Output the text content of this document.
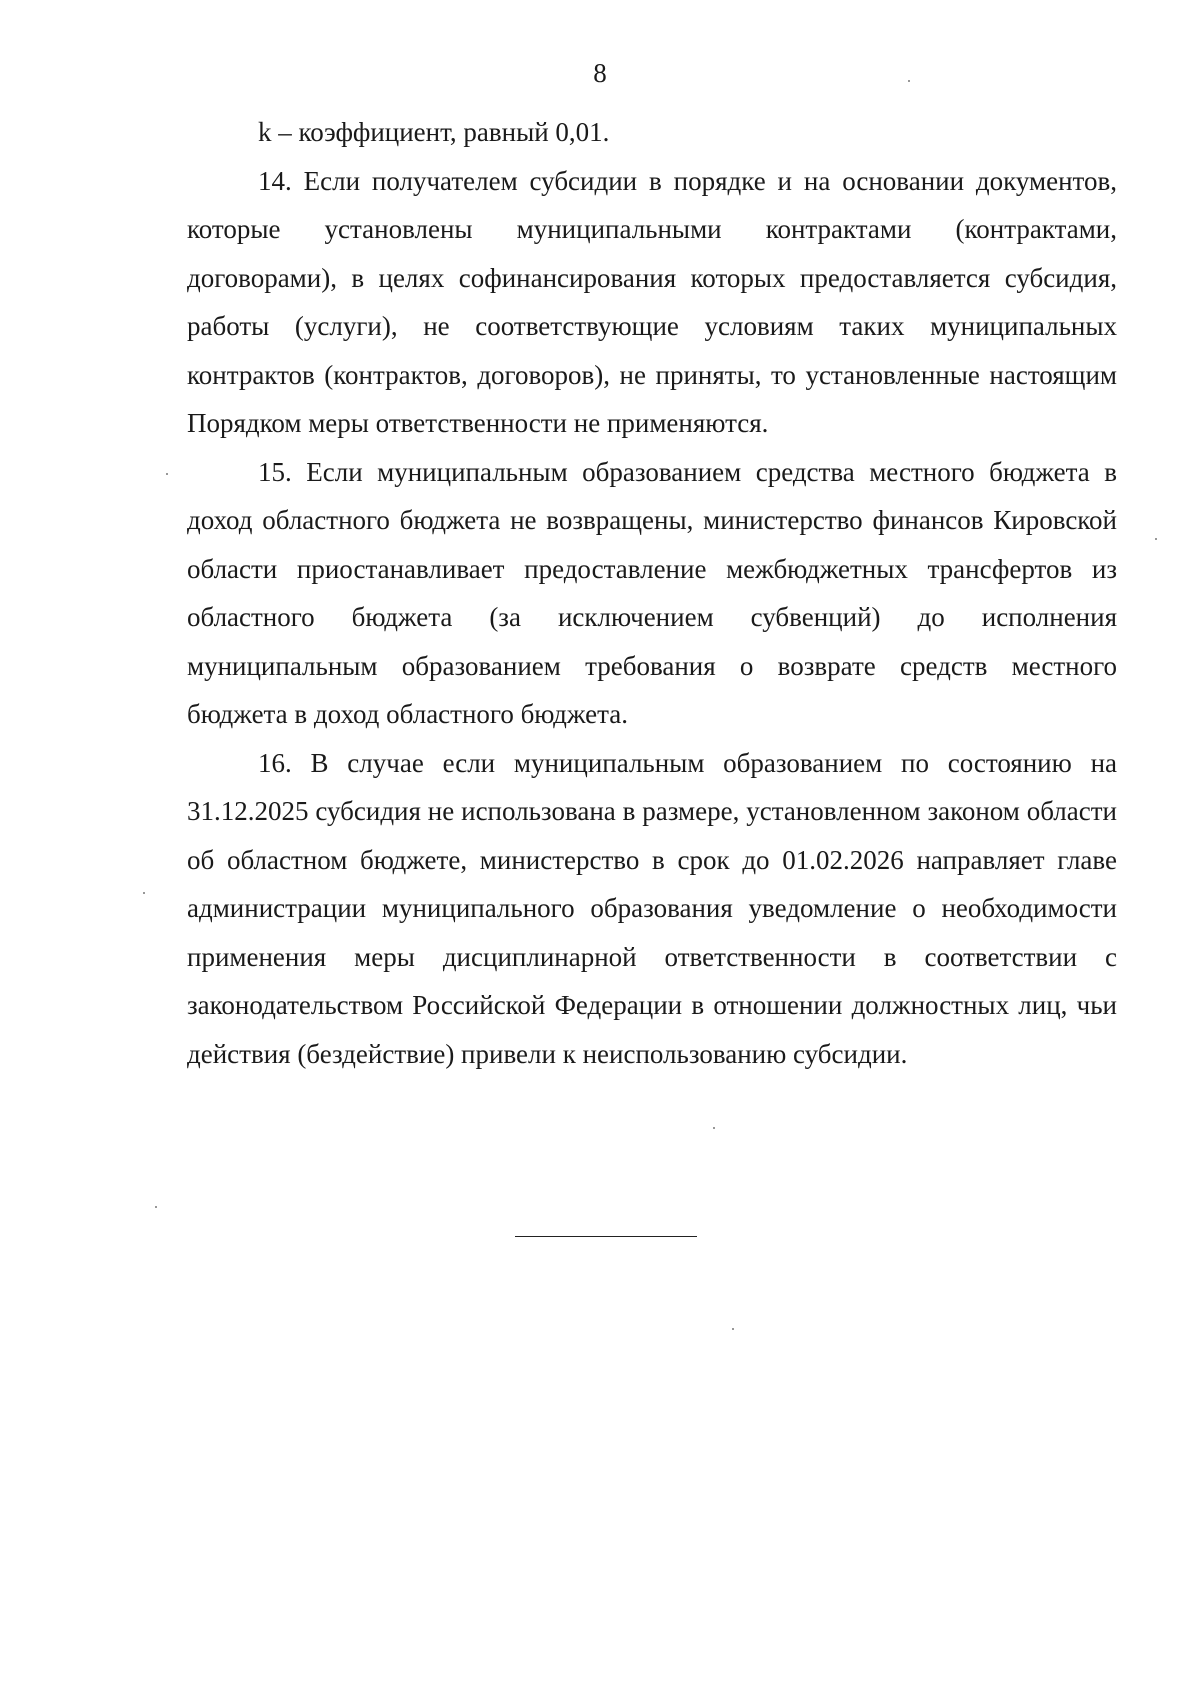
8

k – коэффициент, равный 0,01.

14. Если получателем субсидии в порядке и на основании документов, которые установлены муниципальными контрактами (контрактами, договорами), в целях софинансирования которых предоставляется субсидия, работы (услуги), не соответствующие условиям таких муниципальных контрактов (контрактов, договоров), не приняты, то установленные настоящим Порядком меры ответственности не применяются.

15. Если муниципальным образованием средства местного бюджета в доход областного бюджета не возвращены, министерство финансов Кировской области приостанавливает предоставление межбюджетных трансфертов из областного бюджета (за исключением субвенций) до исполнения муниципальным образованием требования о возврате средств местного бюджета в доход областного бюджета.

16. В случае если муниципальным образованием по состоянию на 31.12.2025 субсидия не использована в размере, установленном законом области об областном бюджете, министерство в срок до 01.02.2026 направляет главе администрации муниципального образования уведомление о необходимости применения меры дисциплинарной ответственности в соответствии с законодательством Российской Федерации в отношении должностных лиц, чьи действия (бездействие) привели к неиспользованию субсидии.
